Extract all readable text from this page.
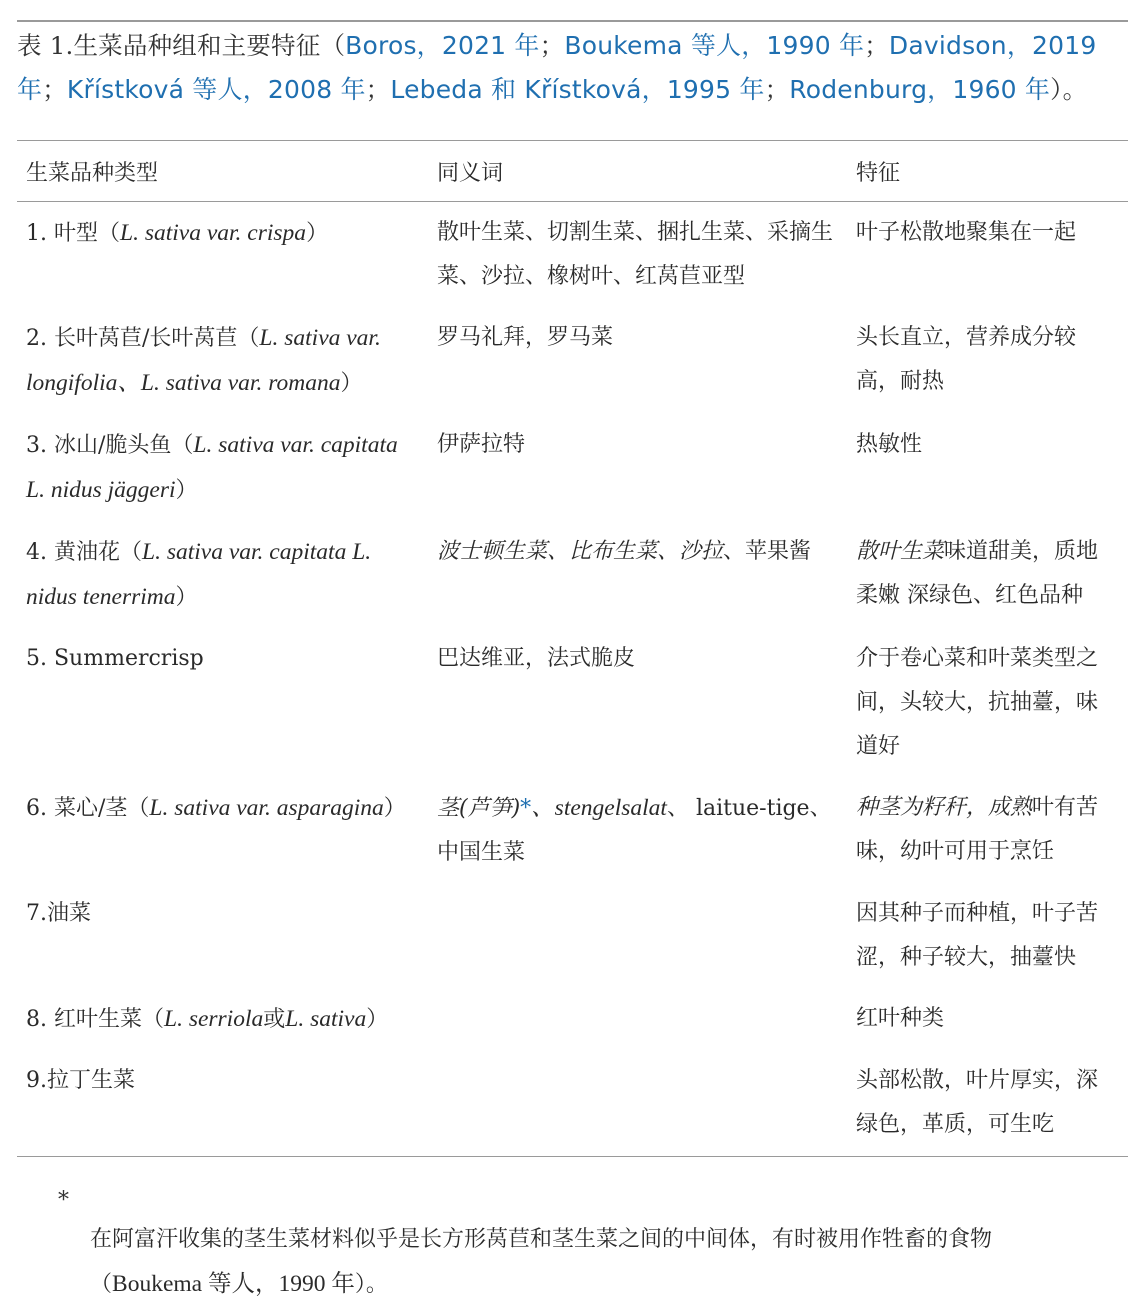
表 1.生菜品种组和主要特征（Boros，2021 年；Boukema 等人，1990 年；Davidson，2019 年；Křístková 等人，2008 年；Lebeda 和 Křístková，1995 年；Rodenburg，1960 年）。
生菜品种类型	同义词	特征
1. 叶型（L. sativa var. crispa）	散叶生菜、切割生菜、捆扎生菜、采摘生菜、沙拉、橡树叶、红莴苣亚型	叶子松散地聚集在一起
2. 长叶莴苣/长叶莴苣（L. sativa var. longifolia、L. sativa var. romana）	罗马礼拜，罗马菜	头长直立，营养成分较高，耐热
3. 冰山/脆头鱼（L. sativa var. capitata L. nidus jäggeri）	伊萨拉特	热敏性
4. 黄油花（L. sativa var. capitata L. nidus tenerrima）	波士顿生菜、比布生菜、沙拉、苹果酱	散叶生菜味道甜美，质地柔嫩 深绿色、红色品种
5. Summercrisp	巴达维亚，法式脆皮	介于卷心菜和叶菜类型之间，头较大，抗抽薹，味道好
6. 菜心/茎（L. sativa var. asparagina）	茎(芦笋)*、stengelsalat、 laitue-tige、中国生菜	种茎为籽秆，成熟叶有苦味，幼叶可用于烹饪
7.油菜		因其种子而种植，叶子苦涩，种子较大，抽薹快
8. 红叶生菜（L. serriola或L. sativa）		红叶种类
9.拉丁生菜		头部松散，叶片厚实，深绿色，革质，可生吃
*
在阿富汗收集的茎生菜材料似乎是长方形莴苣和茎生菜之间的中间体，有时被用作牲畜的食物（Boukema 等人，1990 年）。
